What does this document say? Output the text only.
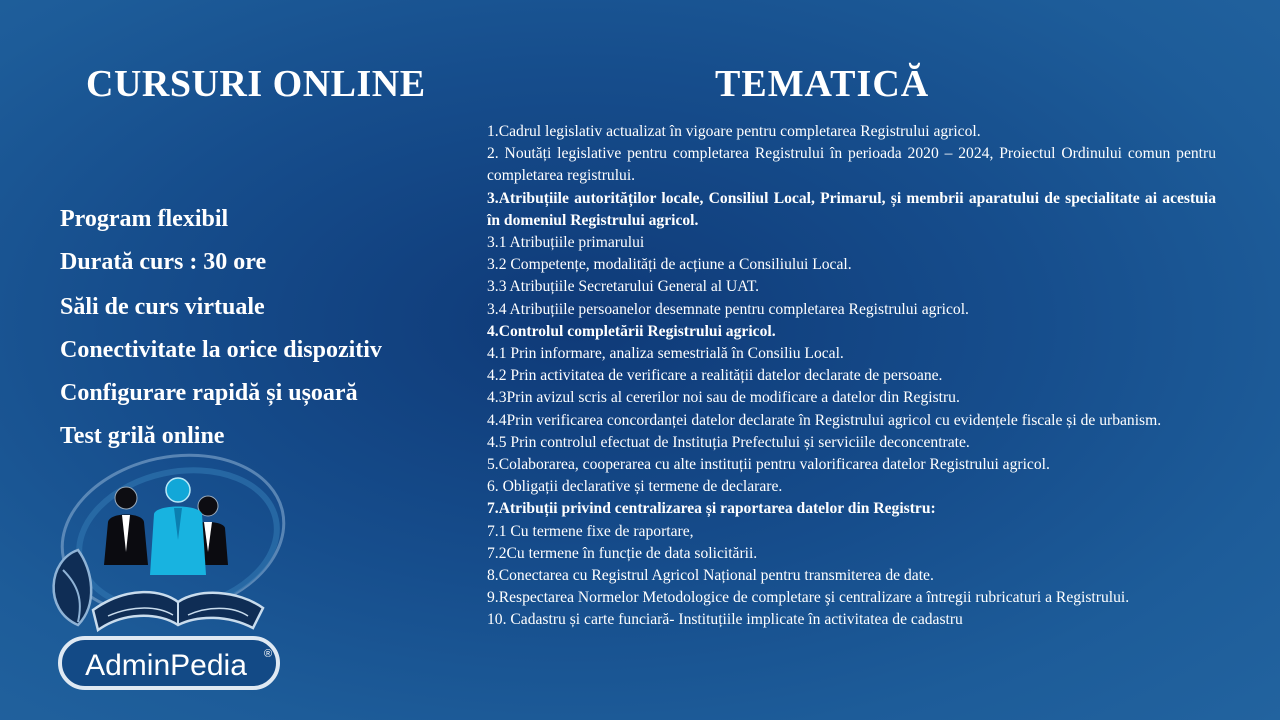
CURSURI ONLINE	TEMATICĂ
Program flexibil
Durată curs : 30 ore
Săli de curs virtuale
Conectivitate la orice dispozitiv
Configurare rapidă și ușoară
Test grilă online

1.Cadrul legislativ actualizat în vigoare pentru completarea Registrului agricol.

2. Noutăți legislative pentru completarea Registrului în perioada 2020 – 2024, Proiectul Ordinului comun pentru completarea registrului.

3.Atribuțiile autorităților locale, Consiliul Local, Primarul, și membrii aparatului de specialitate ai acestuia în domeniul Registrului agricol.

3.1 Atribuțiile primarului

3.2 Competențe, modalități de acțiune a Consiliului Local.

3.3 Atribuțiile Secretarului General al UAT.

3.4 Atribuțiile persoanelor desemnate pentru completarea Registrului agricol.

4.Controlul completării Registrului agricol.

4.1 Prin informare, analiza semestrială în Consiliu Local.

4.2 Prin activitatea de verificare a realității datelor declarate de persoane.

4.3Prin avizul scris al cererilor noi sau de modificare a datelor din Registru.

4.4Prin verificarea concordanței datelor declarate în Registrului agricol cu evidențele fiscale și de urbanism.

4.5 Prin controlul efectuat de Instituția Prefectului și serviciile deconcentrate.

5.Colaborarea, cooperarea cu alte instituții pentru valorificarea datelor Registrului agricol.

6. Obligații declarative și termene de declarare.

7.Atribuții privind centralizarea și raportarea datelor din Registru:

7.1 Cu termene fixe de raportare,

7.2Cu termene în funcție de data solicitării.

8.Conectarea cu Registrul Agricol Național pentru transmiterea de date.

9.Respectarea Normelor Metodologice de completare şi centralizare a întregii rubricaturi a Registrului.

10. Cadastru și carte funciară- Instituțiile implicate în activitatea de cadastru

AdminPedia ®
